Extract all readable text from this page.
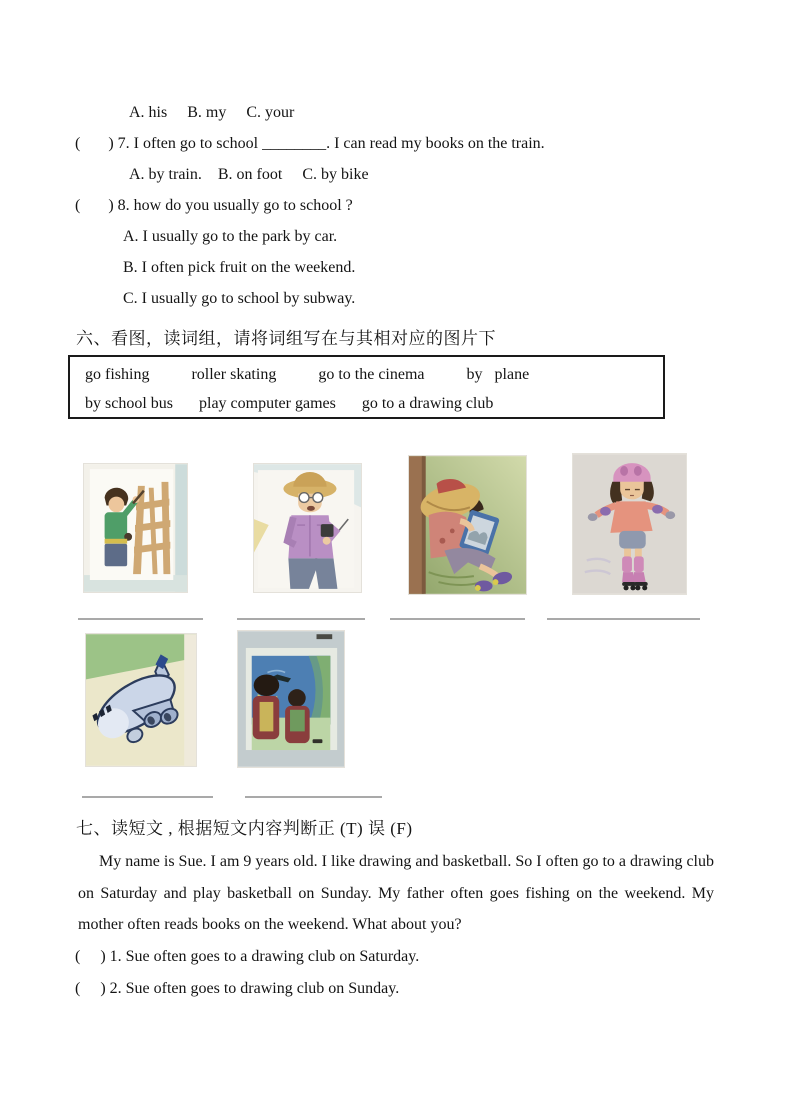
A. his     B. my     C. your
(       ) 7. I often go to school ________. I can read my books on the train.
A. by train.    B. on foot     C. by bike
(       ) 8. how do you usually go to school ?
A. I usually go to the park by car.
B. I often pick fruit on the weekend.
C. I usually go to school by subway.
六、看图，读词组，请将词组写在与其相对应的图片下
go fishing	roller skating	go to the cinema	by   plane
by school bus play computer games go to a drawing club
七、读短文 , 根据短文内容判断正 (T) 误 (F)
My name is Sue. I am 9 years old. I like drawing and basketball. So I often go to a drawing club on Saturday and play basketball on Sunday. My father often goes fishing on the weekend. My mother often reads books on the weekend. What about you?
(     ) 1. Sue often goes to a drawing club on Saturday.
(     ) 2. Sue often goes to drawing club on Sunday.
